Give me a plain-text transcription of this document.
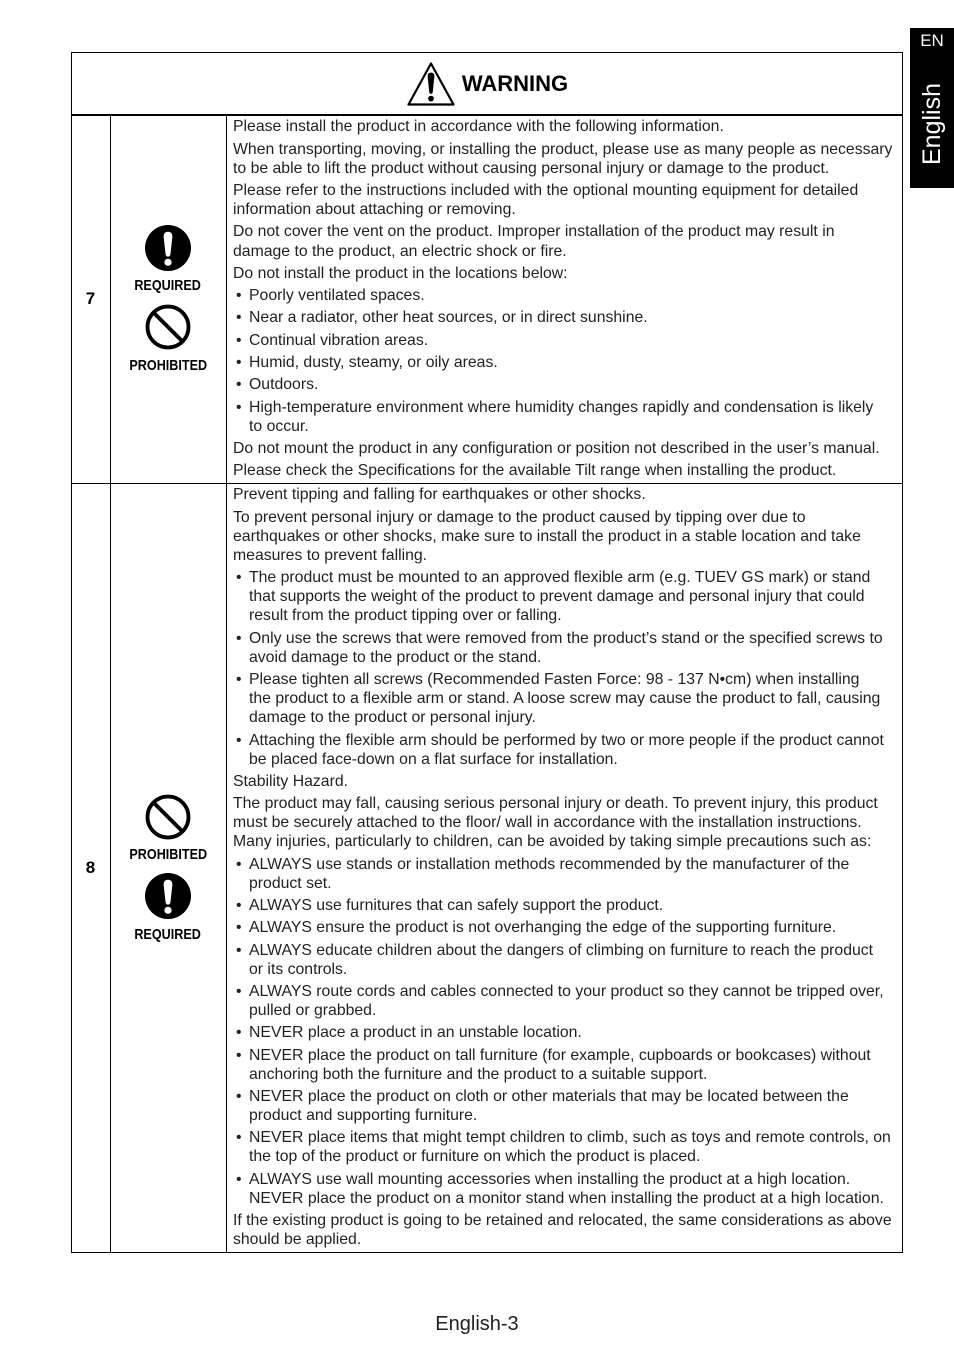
EN
English
WARNING
7
REQUIRED
PROHIBITED
Please install the product in accordance with the following information.
When transporting, moving, or installing the product, please use as many people as necessary
to be able to lift the product without causing personal injury or damage to the product.
Please refer to the instructions included with the optional mounting equipment for detailed
information about attaching or removing.
Do not cover the vent on the product. Improper installation of the product may result in
damage to the product, an electric shock or fire.
Do not install the product in the locations below:
• Poorly ventilated spaces.
• Near a radiator, other heat sources, or in direct sunshine.
• Continual vibration areas.
• Humid, dusty, steamy, or oily areas.
• Outdoors.
• High-temperature environment where humidity changes rapidly and condensation is likely
to occur.
Do not mount the product in any configuration or position not described in the user’s manual.
Please check the Specifications for the available Tilt range when installing the product.
8
PROHIBITED
REQUIRED
Prevent tipping and falling for earthquakes or other shocks.
To prevent personal injury or damage to the product caused by tipping over due to
earthquakes or other shocks, make sure to install the product in a stable location and take
measures to prevent falling.
• The product must be mounted to an approved flexible arm (e.g. TUEV GS mark) or stand
that supports the weight of the product to prevent damage and personal injury that could
result from the product tipping over or falling.
• Only use the screws that were removed from the product’s stand or the specified screws to
avoid damage to the product or the stand.
• Please tighten all screws (Recommended Fasten Force: 98 - 137 N•cm) when installing
the product to a flexible arm or stand. A loose screw may cause the product to fall, causing
damage to the product or personal injury.
• Attaching the flexible arm should be performed by two or more people if the product cannot
be placed face-down on a flat surface for installation.
Stability Hazard.
The product may fall, causing serious personal injury or death. To prevent injury, this product
must be securely attached to the floor/ wall in accordance with the installation instructions.
Many injuries, particularly to children, can be avoided by taking simple precautions such as:
• ALWAYS use stands or installation methods recommended by the manufacturer of the
product set.
• ALWAYS use furnitures that can safely support the product.
• ALWAYS ensure the product is not overhanging the edge of the supporting furniture.
• ALWAYS educate children about the dangers of climbing on furniture to reach the product
or its controls.
• ALWAYS route cords and cables connected to your product so they cannot be tripped over,
pulled or grabbed.
• NEVER place a product in an unstable location.
• NEVER place the product on tall furniture (for example, cupboards or bookcases) without
anchoring both the furniture and the product to a suitable support.
• NEVER place the product on cloth or other materials that may be located between the
product and supporting furniture.
• NEVER place items that might tempt children to climb, such as toys and remote controls, on
the top of the product or furniture on which the product is placed.
• ALWAYS use wall mounting accessories when installing the product at a high location.
NEVER place the product on a monitor stand when installing the product at a high location.
If the existing product is going to be retained and relocated, the same considerations as above
should be applied.
English-3
